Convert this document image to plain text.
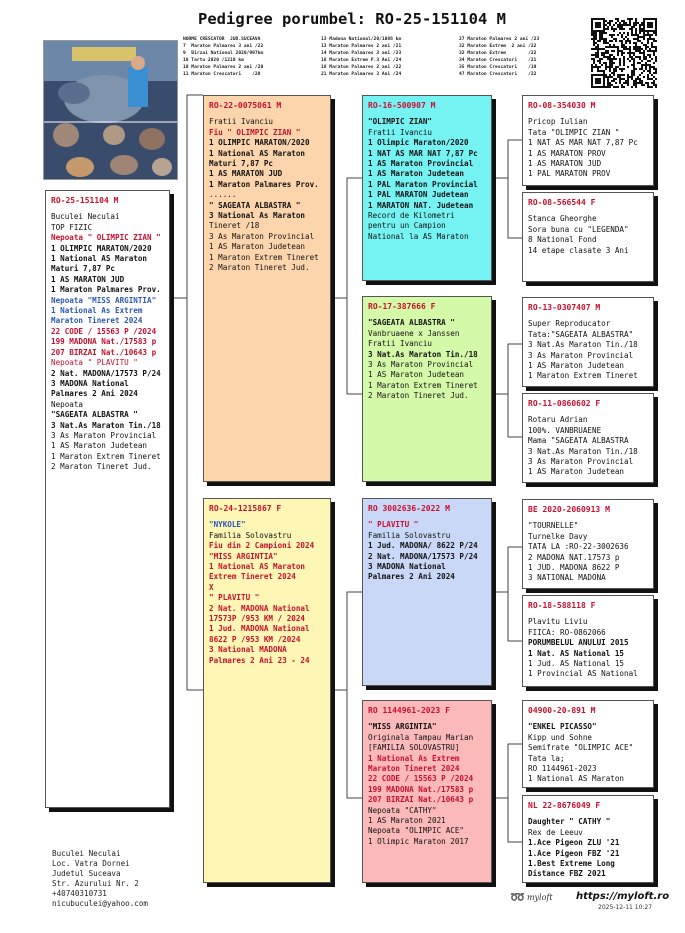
Pedigree porumbel: RO-25-151104 M
NORME CRESCATOR  JUD.SUCEAVA
7  Maraton Palmares 3 ani /22
9  Birzai National 2020/997km
10 Tartu 2020 /1210 km
10 Maraton Palmares 2 ani /20
11 Maraton Crescatori    /20
13 Madona National/20/1086 km
13 Maraton Palmares 2 ani /21
14 Maraton Palmares 3 ani /23
18 Maraton Extrem P.3 Ani /24
18 Maraton Palmares 2 ani /22
21 Maraton Palmares 3 Ani /24
27 Maraton Palmares 2 ani /23
32 Maraton Extrem  2 ani /22
32 Maraton Extrem        /22
34 Maraton Crescatori    /21
35 Maraton Crescatori    /19
47 Maraton Crescatori    /22
RO-25-151104 M
Buculei Neculai
TOP FIZIC
Nepoata " OLIMPIC ZIAN "
1 OLIMPIC MARATON/2020
1 National AS Maraton
Maturi 7,87 Pc
1 AS MARATON JUD
1 Maraton Palmares Prov.
Nepoata "MISS ARGINTIA"
1 National As Extrem
Maraton Tineret 2024
22 CODE / 15563 P /2024
199 MADONA Nat./17583 p
207 BIRZAI Nat./10643 p
Nepoata " PLAVITU "
2 Nat. MADONA/17573 P/24
3 MADONA National
Palmares 2 Ani 2024
Nepoata
"SAGEATA ALBASTRA "
3 Nat.As Maraton Tin./18
3 As Maraton Provincial
1 AS Maraton Judetean
1 Maraton Extrem Tineret
2 Maraton Tineret Jud.
RO-22-0075061 M
Fratii Ivanciu
Fiu " OLIMPIC ZIAN "
1 OLIMPIC MARATON/2020
1 National AS Maraton
Maturi 7,87 Pc
1 AS MARATON JUD
1 Maraton Palmares Prov.
......
" SAGEATA ALBASTRA "
3 National As Maraton
Tineret /18
3 As Maraton Provincial
1 AS Maraton Judetean
1 Maraton Extrem Tineret
2 Maraton Tineret Jud.
RO-24-1215867 F
"NYKOLE"
Familia Solovastru
Fiu din 2 Campioni 2024
"MISS ARGINTIA"
1 National AS Maraton
Extrem Tineret 2024
X
" PLAVITU "
2 Nat. MADONA National
17573P /953 KM / 2024
1 Jud. MADONA National
8622 P /953 KM /2024
3 National MADONA
Palmares 2 Ani 23 - 24
RO-16-500907 M
"OLIMPIC ZIAN"
Fratii Ivanciu
1 Olimpic Maraton/2020
1 NAT AS MAR NAT 7,87 Pc
1 AS Maraton Provincial
1 AS Maraton Judetean
1 PAL Maraton Provincial
1 PAL MARATON Judetean
1 MARATON NAT. Judetean
Record de Kilometri
pentru un Campion
National la AS Maraton
RO-17-387666 F
"SAGEATA ALBASTRA "
Vanbruaene x Janssen
Fratii Ivanciu
3 Nat.As Maraton Tin./18
3 As Maraton Provincial
1 AS Maraton Judetean
1 Maraton Extrem Tineret
2 Maraton Tineret Jud.
RO 3002636-2022 M
" PLAVITU "
Familia Solovastru
1 Jud. MADONA/ 8622 P/24
2 Nat. MADONA/17573 P/24
3 MADONA National
Palmares 2 Ani 2024
RO 1144961-2023 F
"MISS ARGINTIA"
Originala Tampau Marian
[FAMILIA SOLOVASTRU]
1 National As Extrem
Maraton Tineret 2024
22 CODE / 15563 P /2024
199 MADONA Nat./17583 p
207 BIRZAI Nat./10643 p
Nepoata "CATHY"
1 AS Maraton 2021
Nepoata "OLIMPIC ACE"
1 Olimpic Maraton 2017
RO-08-354030 M
Pricop Iulian
Tata "OLIMPIC ZIAN "
1 NAT AS MAR NAT 7,87 Pc
1 AS MARATON PROV
1 AS MARATON JUD
1 PAL MARATON PROV
RO-08-566544 F
Stanca Gheorghe
Sora buna cu "LEGENDA"
8 National Fond
14 etape clasate 3 Ani
RO-13-0307407 M
Super Reproducator
Tata:"SAGEATA ALBASTRA"
3 Nat.As Maraton Tin./18
3 As Maraton Provincial
1 AS Maraton Judetean
1 Maraton Extrem Tineret
RO-11-0860602 F
Rotaru Adrian
100%. VANBRUAENE
Mama "SAGEATA ALBASTRA
3 Nat.As Maraton Tin./18
3 As Maraton Provincial
1 AS Maraton Judetean
BE 2020-2060913 M
"TOURNELLE"
Turnelke Davy
TATA LA :RO-22-3002636
2 MADONA NAT.17573 p
1 JUD. MADONA 8622 P
3 NATIONAL MADONA
RO-18-588118 F
Plavitu Liviu
FIICA: RO-0862066
PORUMBELUL ANULUI 2015
1 Nat. AS National 15
1 Jud. AS National 15
1 Provincial AS National
04900-20-891 M
"ENKEL PICASSO"
Kipp und Sohne
Semifrate "OLIMPIC ACE"
Tata la;
RO 1144961-2023
1 National AS Maraton
NL 22-8676049 F
Daughter " CATHY "
Rex de Leeuv
1.Ace Pigeon ZLU '21
1.Ace Pigeon FBZ '21
1.Best Extreme Long
Distance FBZ 2021
Buculei Neculai
Loc. Vatra Dornei
Judetul Suceava
Str. Azurului Nr. 2
+40740310731
nicubuculei@yahoo.com	➿ myloft https://myloft.ro
2025-12-11 10:27
